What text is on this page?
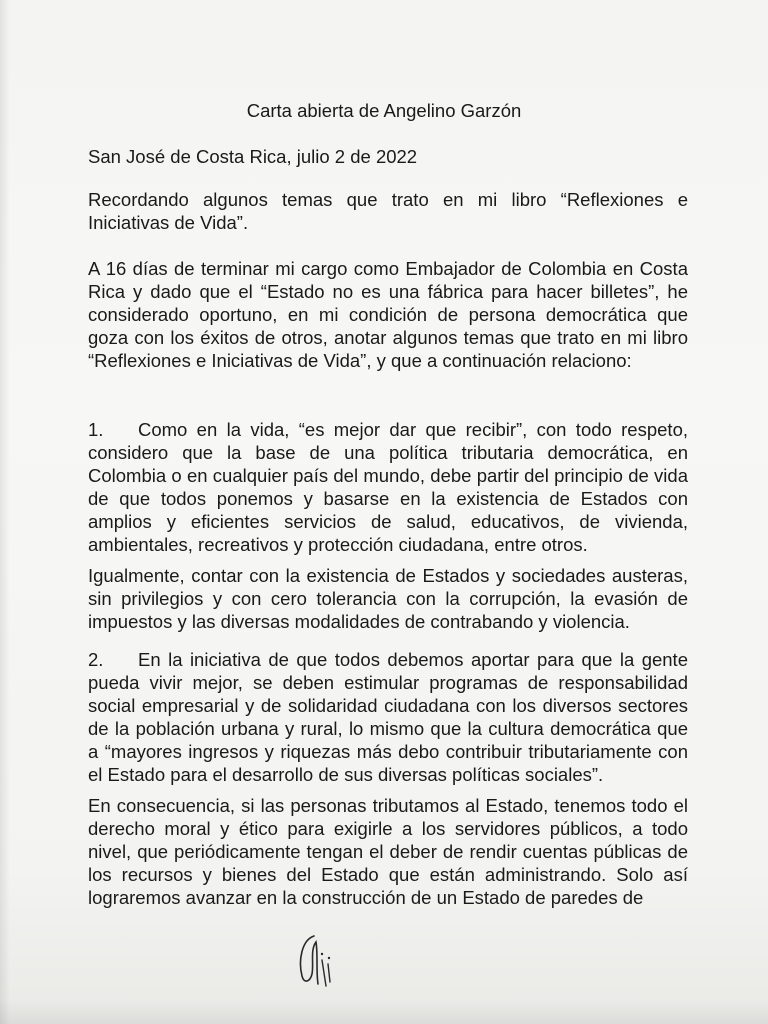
Carta abierta de Angelino Garzón
San José de Costa Rica, julio 2 de 2022
Recordando algunos temas que trato en mi libro “Reflexiones e Iniciativas de Vida”.
A 16 días de terminar mi cargo como Embajador de Colombia en Costa Rica y dado que el “Estado no es una fábrica para hacer billetes”, he considerado oportuno, en mi condición de persona democrática que goza con los éxitos de otros, anotar algunos temas que trato en mi libro “Reflexiones e Iniciativas de Vida”, y que a continuación relaciono:
1. Como en la vida, “es mejor dar que recibir”, con todo respeto, considero que la base de una política tributaria democrática, en Colombia o en cualquier país del mundo, debe partir del principio de vida de que todos ponemos y basarse en la existencia de Estados con amplios y eficientes servicios de salud, educativos, de vivienda, ambientales, recreativos y protección ciudadana, entre otros.
Igualmente, contar con la existencia de Estados y sociedades austeras, sin privilegios y con cero tolerancia con la corrupción, la evasión de impuestos y las diversas modalidades de contrabando y violencia.
2. En la iniciativa de que todos debemos aportar para que la gente pueda vivir mejor, se deben estimular programas de responsabilidad social empresarial y de solidaridad ciudadana con los diversos sectores de la población urbana y rural, lo mismo que la cultura democrática que a “mayores ingresos y riquezas más debo contribuir tributariamente con el Estado para el desarrollo de sus diversas políticas sociales”.
En consecuencia, si las personas tributamos al Estado, tenemos todo el derecho moral y ético para exigirle a los servidores públicos, a todo nivel, que periódicamente tengan el deber de rendir cuentas públicas de los recursos y bienes del Estado que están administrando. Solo así lograremos avanzar en la construcción de un Estado de paredes de
